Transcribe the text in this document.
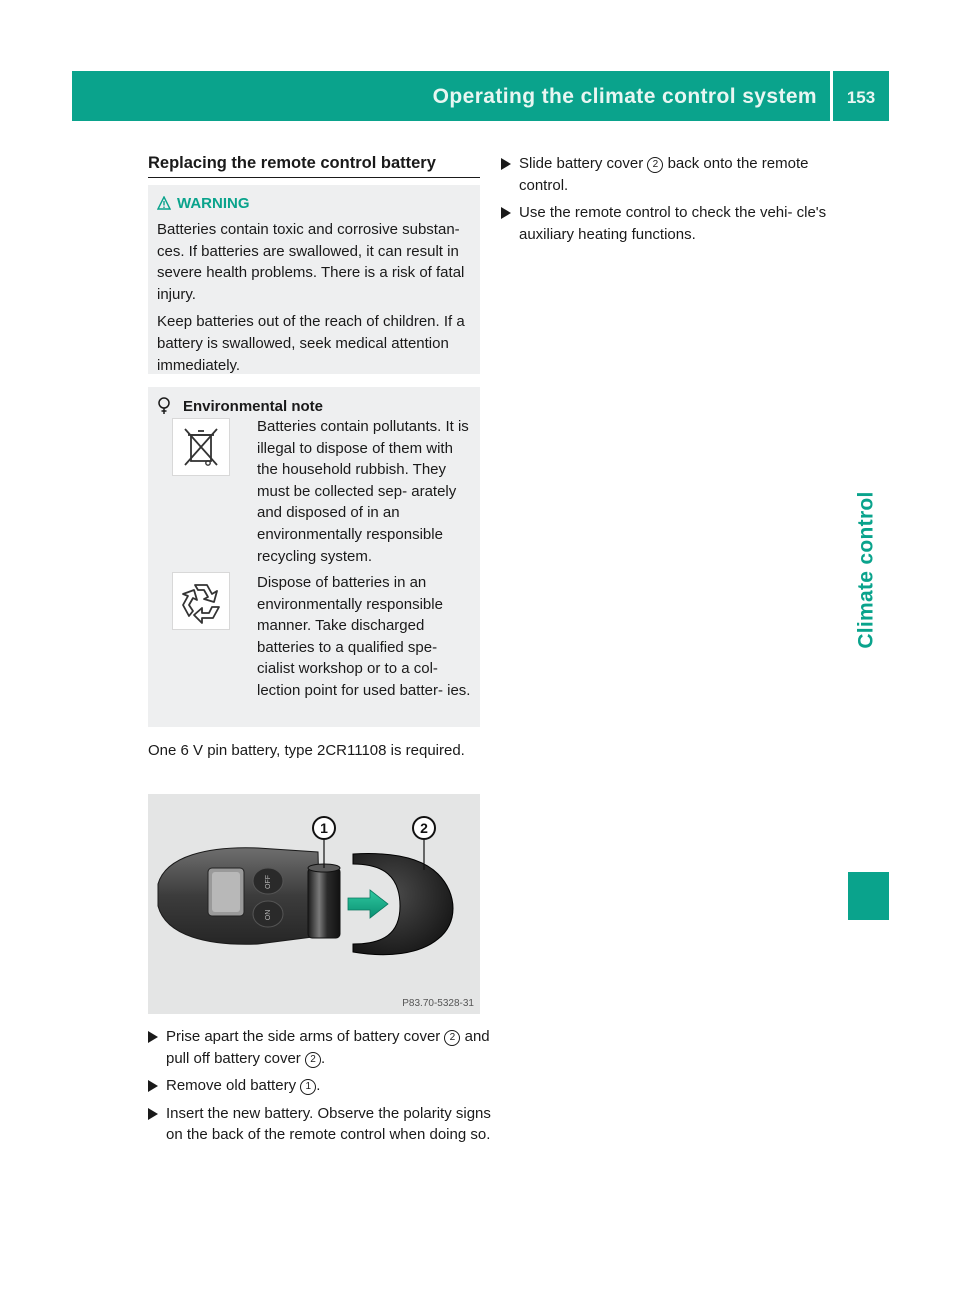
Operating the climate control system	153
Climate control
Replacing the remote control battery
WARNING

Batteries contain toxic and corrosive substan- ces. If batteries are swallowed, it can result in severe health problems. There is a risk of fatal injury.

Keep batteries out of the reach of children. If a battery is swallowed, seek medical attention immediately.

Environmental note
Batteries contain pollutants. It is illegal to dispose of them with the household rubbish. They must be collected sep- arately and disposed of in an environmentally responsible recycling system.
Dispose of batteries in an environmentally responsible manner. Take discharged batteries to a qualified spe- cialist workshop or to a col- lection point for used batter- ies.

One 6 V pin battery, type 2CR11108 is required.

OFF
ON
1	2
P83.70-5328-31
Prise apart the side arms of battery cover 2 and pull off battery cover 2 .
Remove old battery 1 .
Insert the new battery. Observe the polarity signs on the back of the remote control when doing so.
Slide battery cover 2 back onto the remote control.
Use the remote control to check the vehi- cle's auxiliary heating functions.
